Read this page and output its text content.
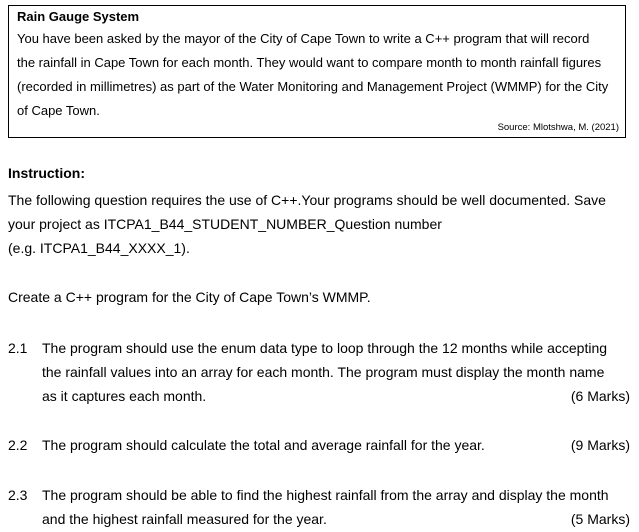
Rain Gauge System

You have been asked by the mayor of the City of Cape Town to write a C++ program that will record

the rainfall in Cape Town for each month. They would want to compare month to month rainfall figures

(recorded in millimetres) as part of the Water Monitoring and Management Project (WMMP) for the City

of Cape Town.

Source: Mlotshwa, M. (2021)
Instruction:
The following question requires the use of C++.Your programs should be well documented. Save
your project as ITCPA1_B44_STUDENT_NUMBER_Question number
(e.g. ITCPA1_B44_XXXX_1).
Create a C++ program for the City of Cape Town’s WMMP.
2.1 The program should use the enum data type to loop through the 12 months while accepting
the rainfall values into an array for each month. The program must display the month name
as it captures each month.	(6 Marks)
2.2 The program should calculate the total and average rainfall for the year.	(9 Marks)
2.3 The program should be able to find the highest rainfall from the array and display the month
and the highest rainfall measured for the year.	(5 Marks)
